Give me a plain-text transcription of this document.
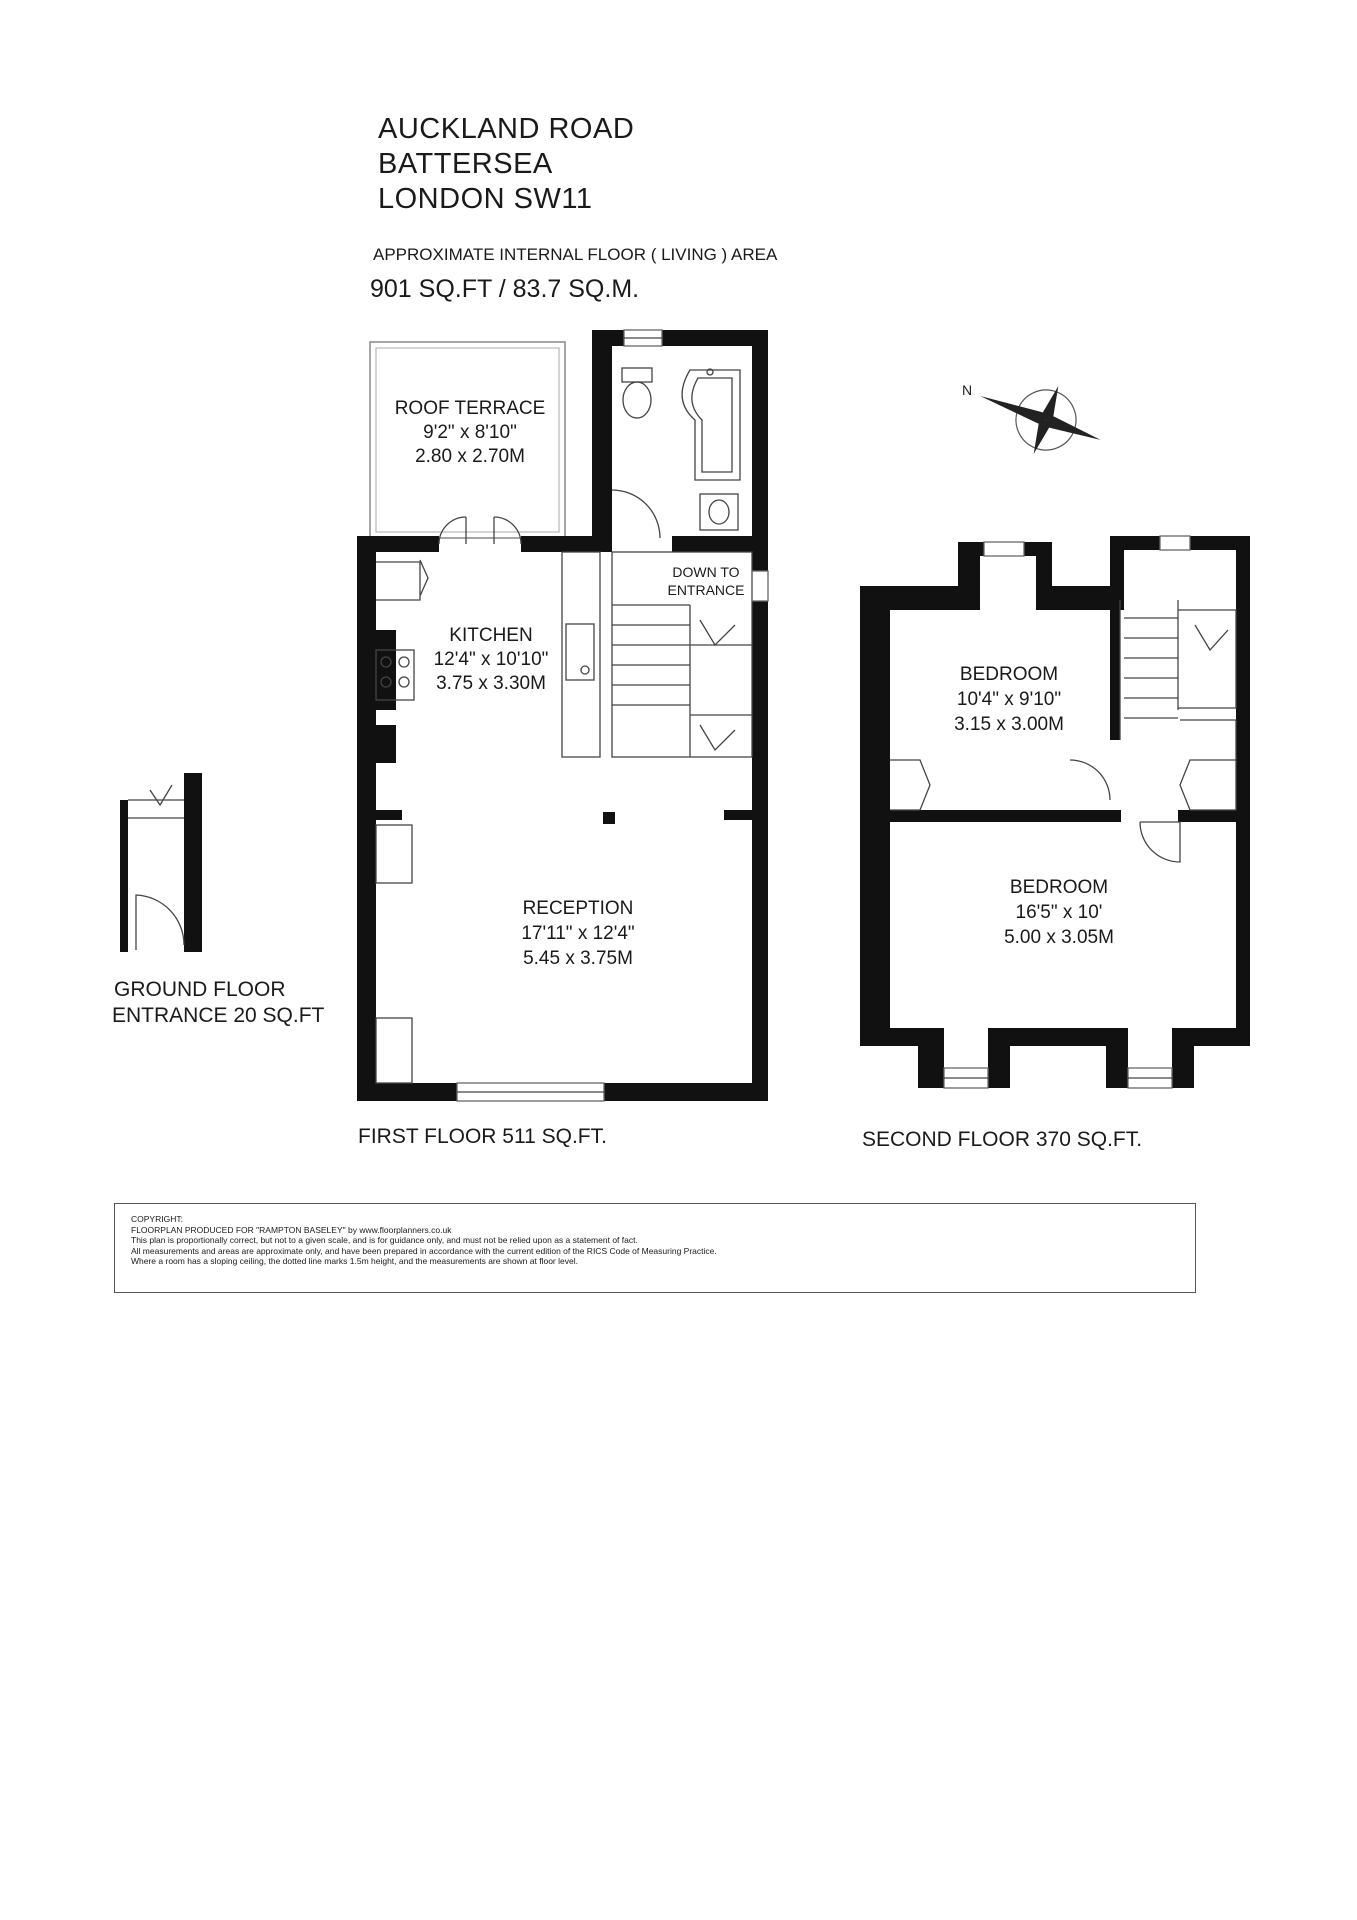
AUCKLAND ROAD
BATTERSEA
LONDON SW11
APPROXIMATE INTERNAL FLOOR ( LIVING ) AREA
901 SQ.FT / 83.7 SQ.M.
N
ROOF TERRACE
9'2" x 8'10"
2.80 x 2.70M
KITCHEN
12'4" x 10'10"
3.75 x 3.30M
RECEPTION
17'11" x 12'4"
5.45 x 3.75M
BEDROOM
10'4" x 9'10"
3.15 x 3.00M
BEDROOM
16'5" x 10'
5.00 x 3.05M
DOWN TO
ENTRANCE
GROUND FLOOR
ENTRANCE 20 SQ.FT
FIRST FLOOR 511 SQ.FT.	SECOND FLOOR 370 SQ.FT.
COPYRIGHT:
FLOORPLAN PRODUCED FOR "RAMPTON BASELEY" by www.floorplanners.co.uk
This plan is proportionally correct, but not to a given scale, and is for guidance only, and must not be relied upon as a statement of fact.
All measurements and areas are approximate only, and have been prepared in accordance with the current edition of the RICS Code of Measuring Practice.
Where a room has a sloping ceiling, the dotted line marks 1.5m height, and the measurements are shown at floor level.
